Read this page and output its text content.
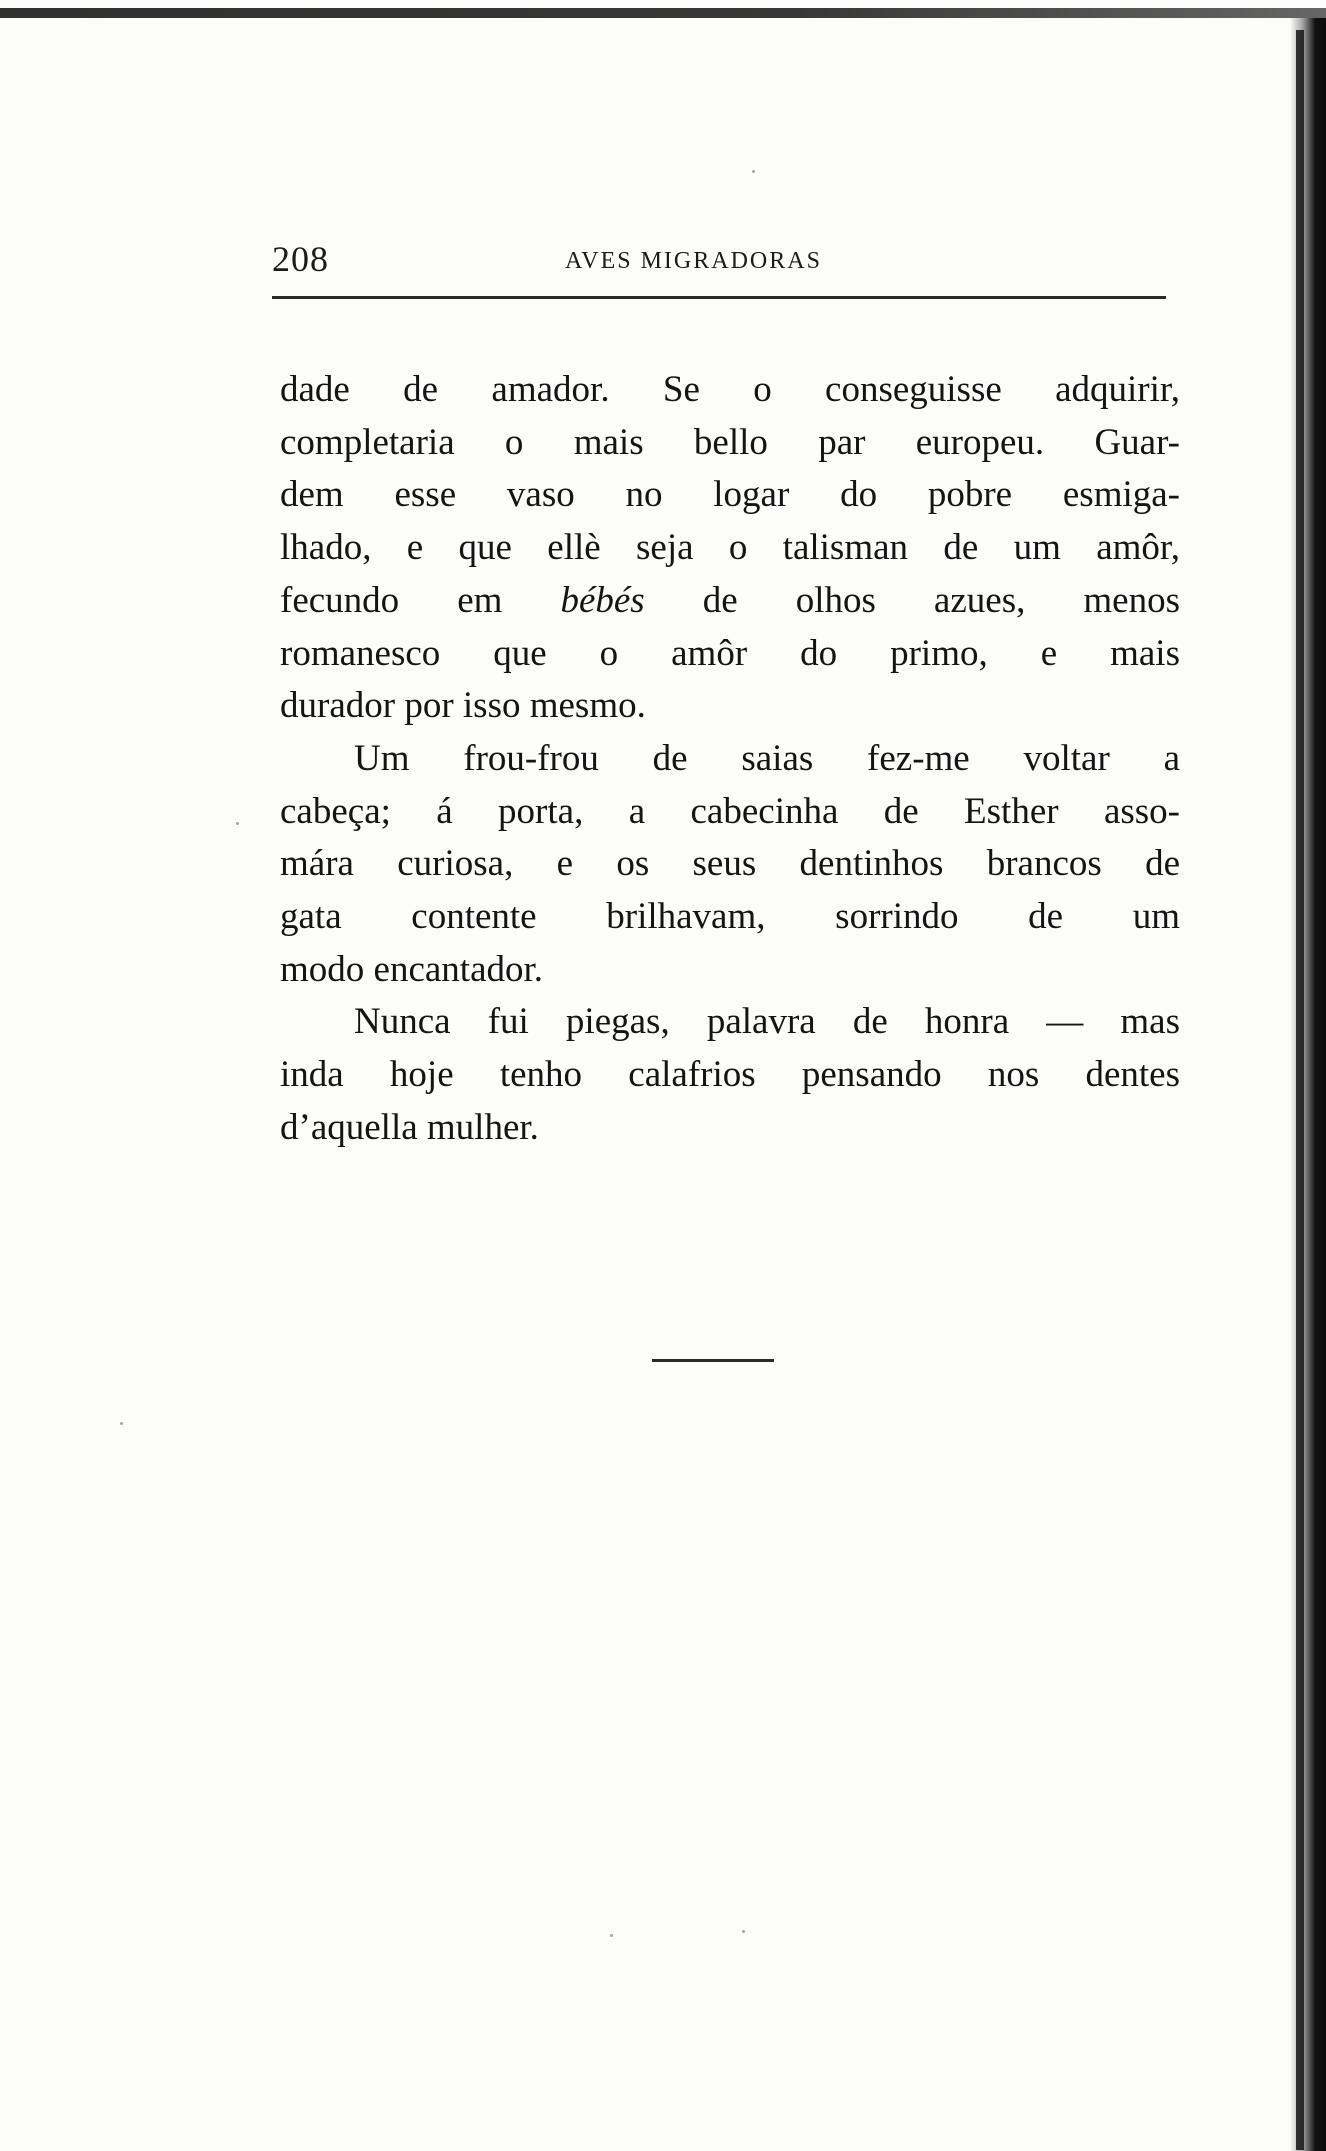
208	AVES MIGRADORAS

dade de amador. Se o conseguisse adquirir,
completaria o mais bello par europeu. Guar-
dem esse vaso no logar do pobre esmiga-
lhado, e que ellè seja o talisman de um amôr,
fecundo em bébés de olhos azues, menos
romanesco que o amôr do primo, e mais
durador por isso mesmo.

Um frou-frou de saias fez-me voltar a
cabeça; á porta, a cabecinha de Esther asso-
mára curiosa, e os seus dentinhos brancos de
gata contente brilhavam, sorrindo de um
modo encantador.

Nunca fui piegas, palavra de honra — mas
inda hoje tenho calafrios pensando nos dentes
d’aquella mulher.
